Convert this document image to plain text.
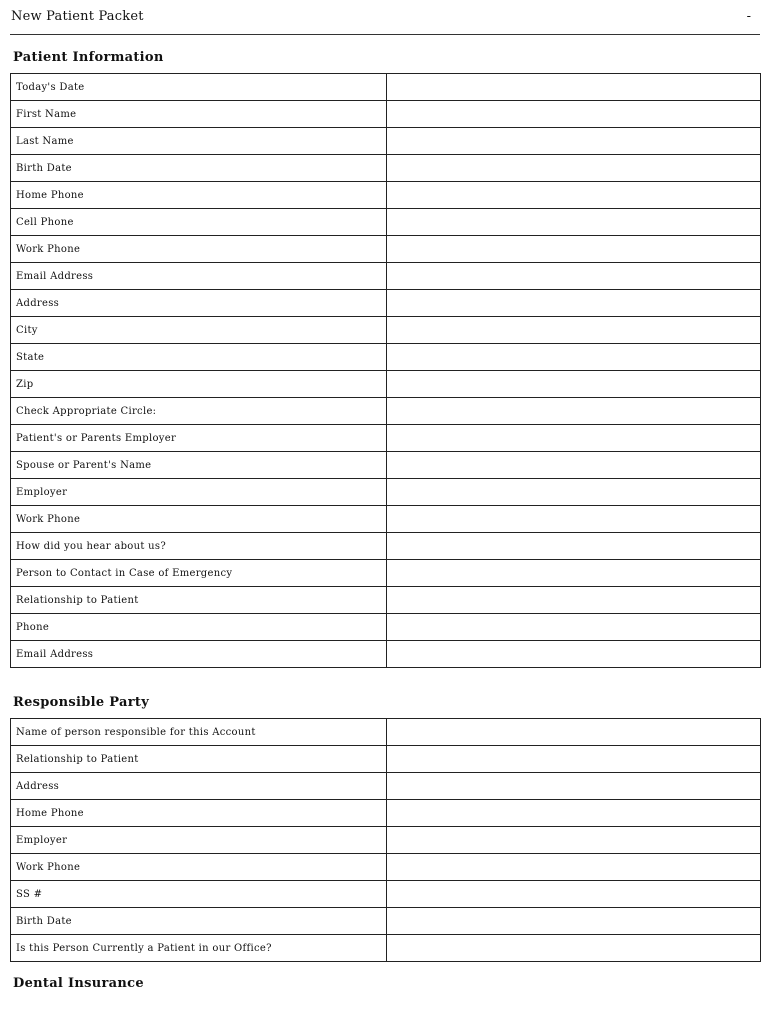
New Patient Packet	-
Patient Information
Today's Date	

First Name	

Last Name	

Birth Date	

Home Phone	

Cell Phone	

Work Phone	

Email Address	

Address	

City	

State	

Zip	

Check Appropriate Circle:	

Patient's or Parents Employer	

Spouse or Parent's Name	

Employer	

Work Phone	

How did you hear about us?	

Person to Contact in Case of Emergency	

Relationship to Patient	

Phone	

Email Address	
Responsible Party
Name of person responsible for this Account	

Relationship to Patient	

Address	

Home Phone	

Employer	

Work Phone	

SS #	

Birth Date	

Is this Person Currently a Patient in our Office?	
Dental Insurance
